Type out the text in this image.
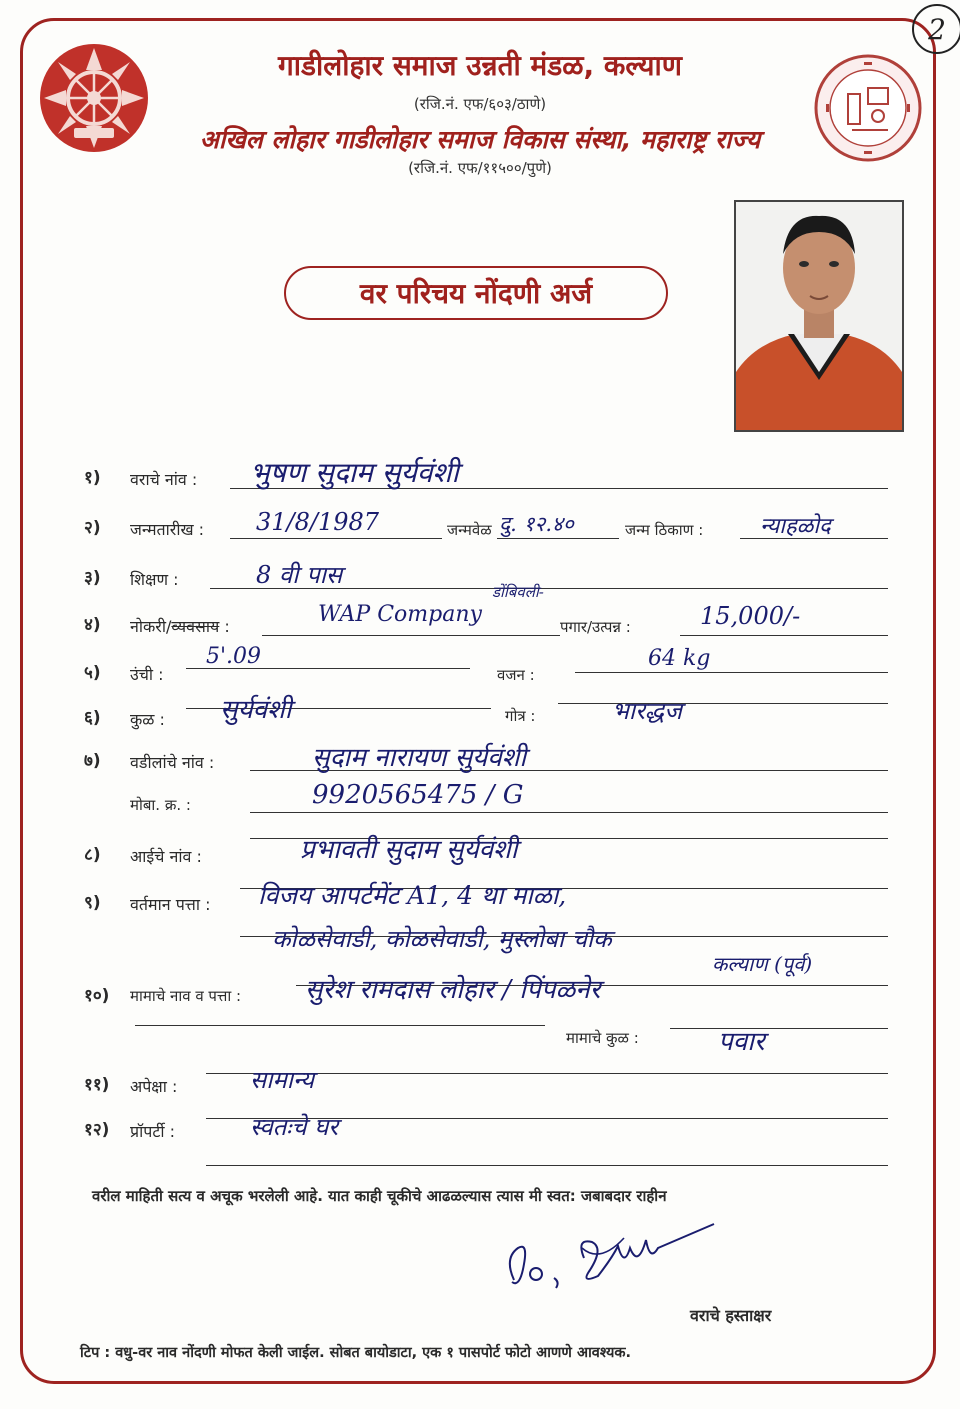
2
गाडीलोहार समाज उन्नती मंडळ, कल्याण
(रजि.नं. एफ/६०३/ठाणे)
अखिल लोहार गाडीलोहार समाज विकास संस्था, महाराष्ट्र राज्य
(रजि.नं. एफ/११५००/पुणे)
वर परिचय नोंदणी अर्ज
१) वराचे नांव : भुषण सुदाम सुर्यवंशी
२) जन्मतारीख : 31/8/1987	जन्मवेळ दु. १२.४०	जन्म ठिकाण :	न्याहळोद
३) शिक्षण :	8 वी पास
४) नोकरी/व्यवसाय :	WAP Company
डोंबिवली-
पगार/उत्पन्न :	15,000/-
५) उंची :
5'.09
वजन :
64 kg
६) कुळ : सुर्यवंशी	गोत्र :	भारद्धज
७) वडीलांचे नांव :	सुदाम नारायण सुर्यवंशी
मोबा. क्र. :	9920565475 / G
८) आईचे नांव :	प्रभावती सुदाम सुर्यवंशी
९) वर्तमान पत्ता : विजय आपर्टमेंट A1, 4 था माळा,
कोळसेवाडी, कोळसेवाडी, मुस्लोबा चौक
कल्याण (पूर्व)
१०) मामाचे नाव व पत्ता : सुरेश रामदास लोहार / पिंपळनेर
मामाचे कुळ :	पवार
११) अपेक्षा :	सामान्य
१२) प्रॉपर्टी :	स्वतःचे घर
वरील माहिती सत्य व अचूक भरलेली आहे. यात काही चूकीचे आढळल्यास त्यास मी स्वत: जबाबदार राहीन
वराचे हस्ताक्षर
टिप : वधु-वर नाव नोंदणी मोफत केली जाईल. सोबत बायोडाटा, एक १ पासपोर्ट फोटो आणणे आवश्यक.
